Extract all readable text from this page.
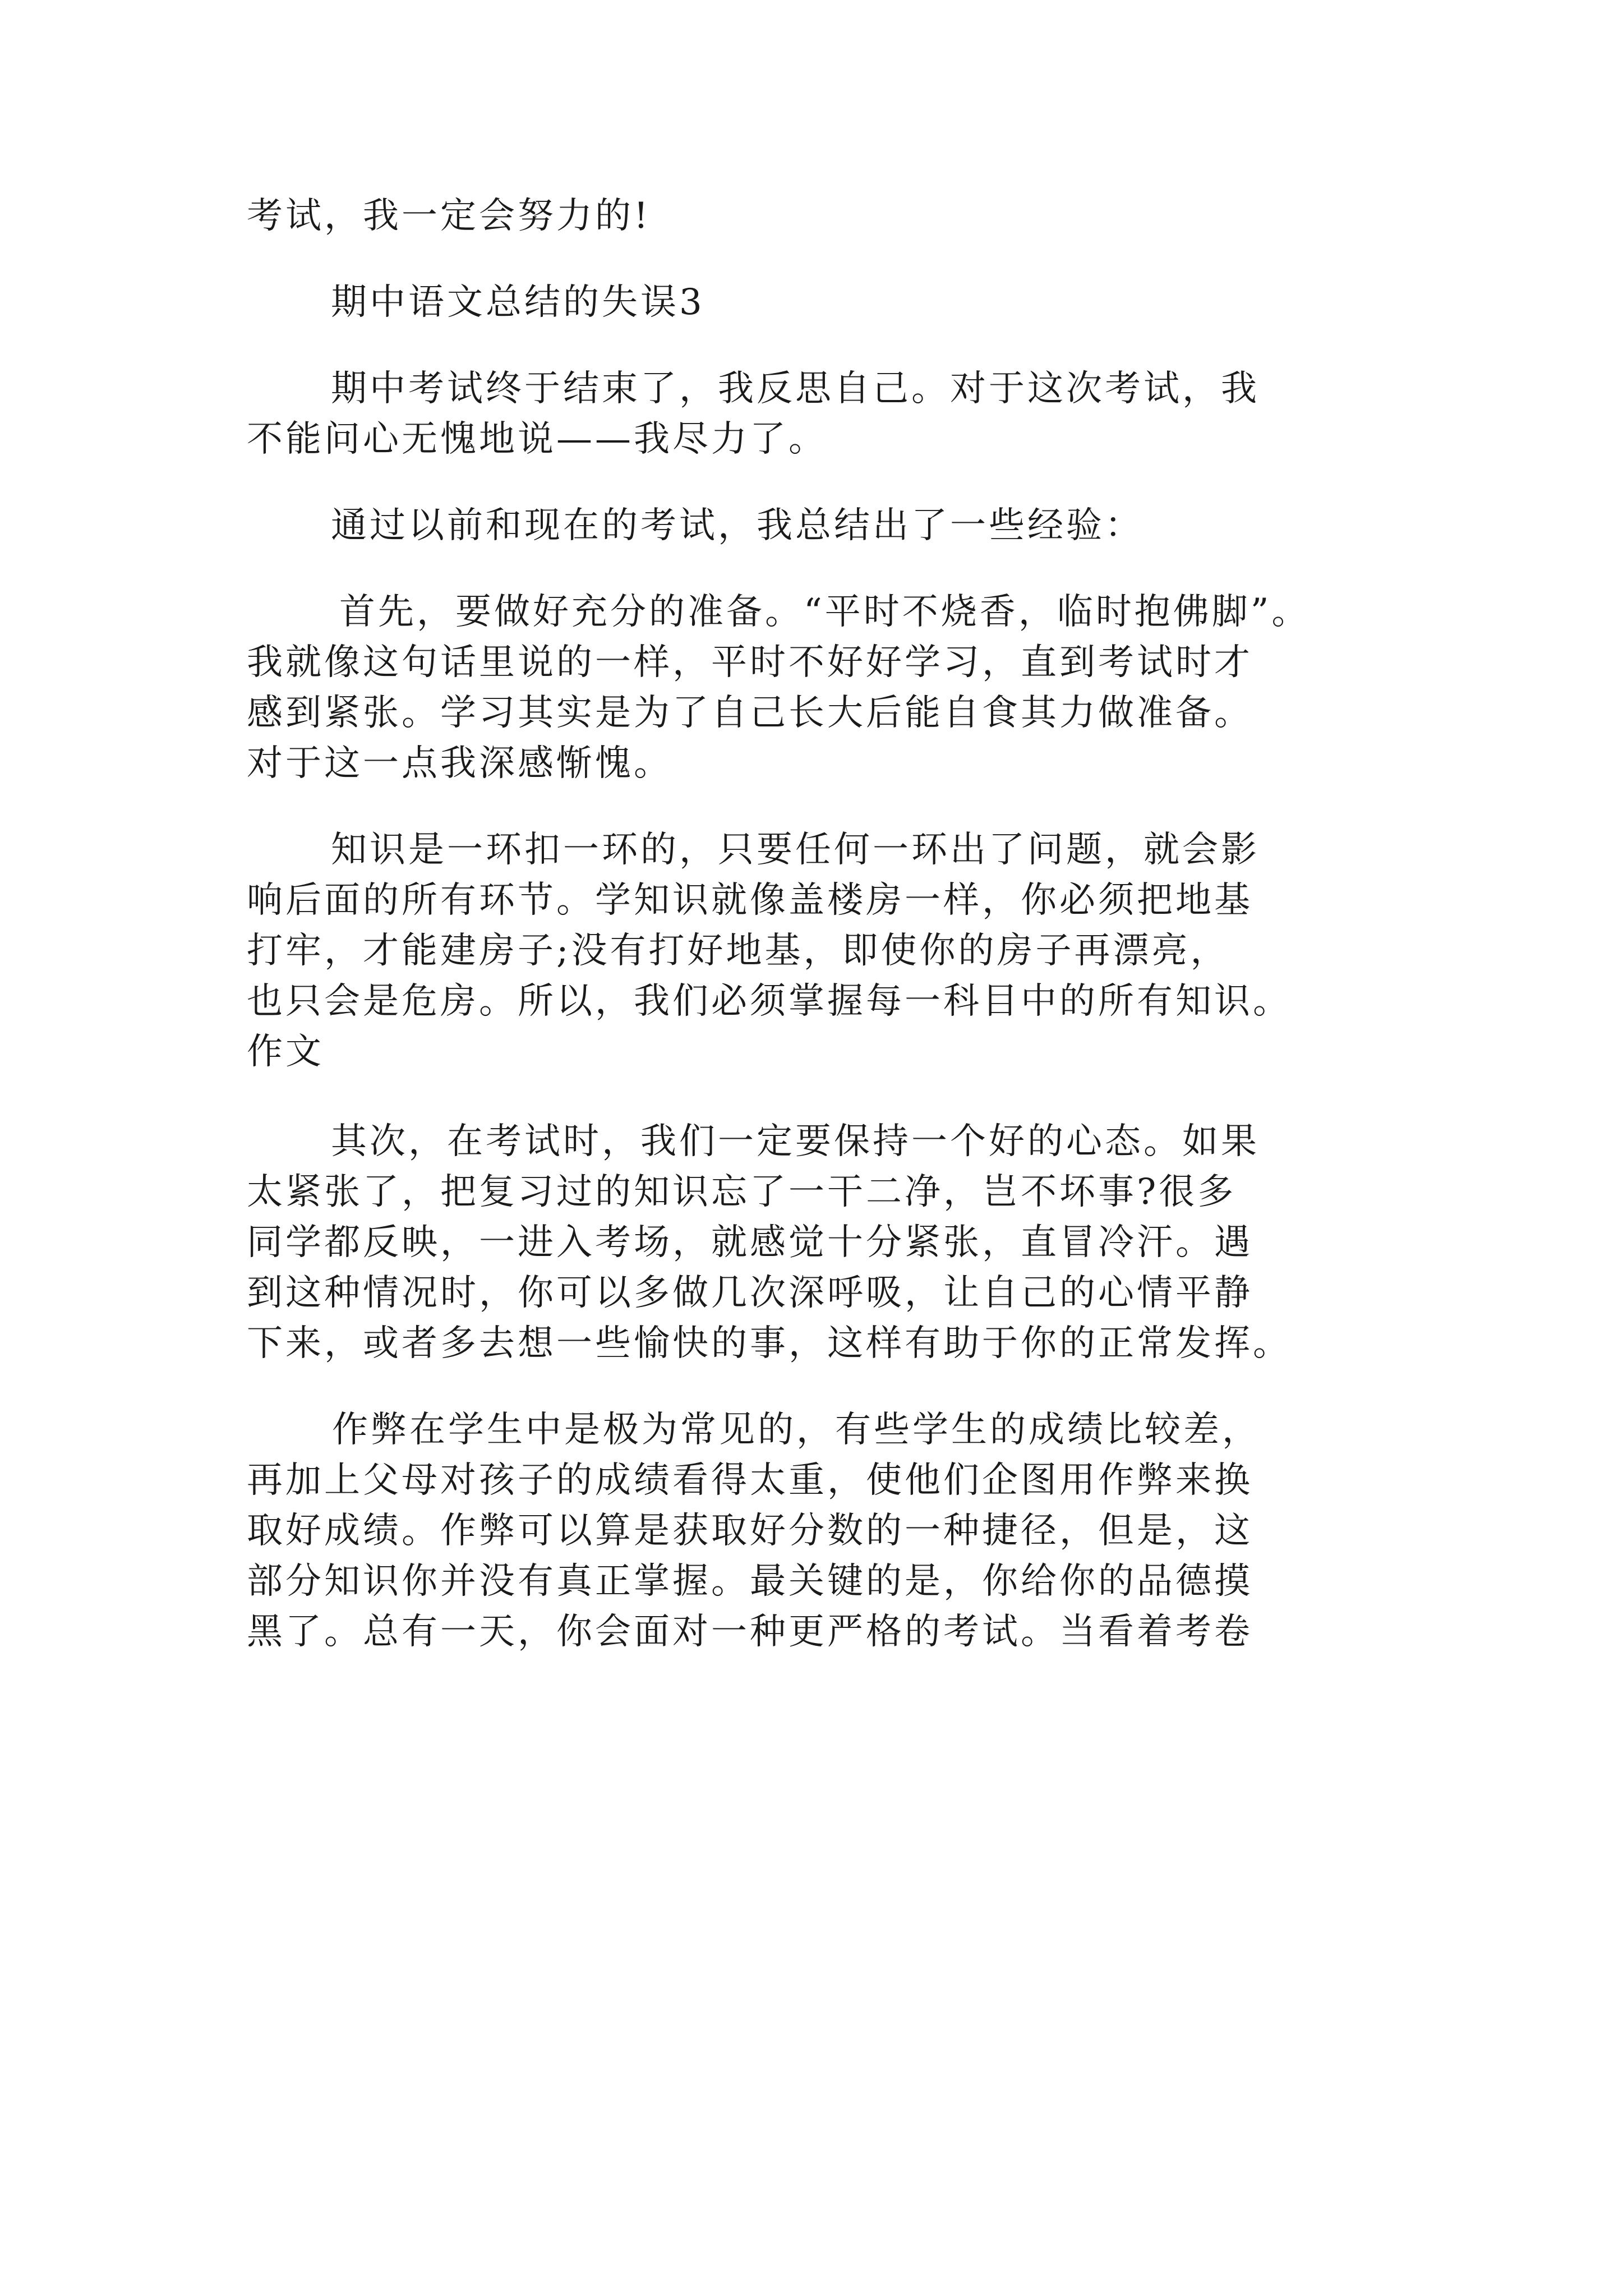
考试，我一定会努力的!
期中语文总结的失误3
期中考试终于结束了，我反思自己。对于这次考试，我
不能问心无愧地说——我尽力了。
通过以前和现在的考试，我总结出了一些经验：
首先，要做好充分的准备。“平时不烧香，临时抱佛脚”。
我就像这句话里说的一样，平时不好好学习，直到考试时才
感到紧张。学习其实是为了自己长大后能自食其力做准备。
对于这一点我深感惭愧。
知识是一环扣一环的，只要任何一环出了问题，就会影
响后面的所有环节。学知识就像盖楼房一样，你必须把地基
打牢，才能建房子;没有打好地基，即使你的房子再漂亮，
也只会是危房。所以，我们必须掌握每一科目中的所有知识。
作文
其次，在考试时，我们一定要保持一个好的心态。如果
太紧张了，把复习过的知识忘了一干二净，岂不坏事?很多
同学都反映，一进入考场，就感觉十分紧张，直冒冷汗。遇
到这种情况时，你可以多做几次深呼吸，让自己的心情平静
下来，或者多去想一些愉快的事，这样有助于你的正常发挥。
作弊在学生中是极为常见的，有些学生的成绩比较差，
再加上父母对孩子的成绩看得太重，使他们企图用作弊来换
取好成绩。作弊可以算是获取好分数的一种捷径，但是，这
部分知识你并没有真正掌握。最关键的是，你给你的品德摸
黑了。总有一天，你会面对一种更严格的考试。当看着考卷
